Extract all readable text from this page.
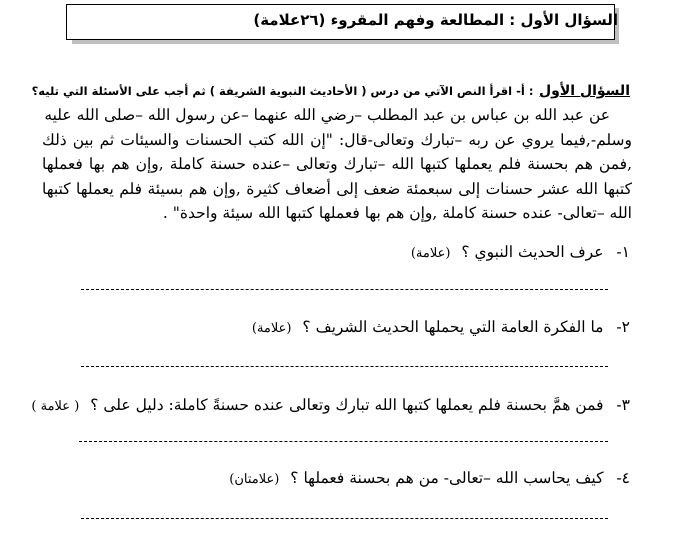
السؤال الأول : المطالعة وفهم المقروء (٢٦علامة)
السؤال الأول : أ- اقرأ النص الآتي من درس ( الأحاديث النبوية الشريفة ) ثم أجب على الأسئلة التي تليه؟
عن عبد الله بن عباس بن عبد المطلب –رضي الله عنهما –عن رسول الله –صلى الله عليه
وسلم-,فيما يروي عن ربه –تبارك وتعالى-قال: "إن الله كتب الحسنات والسيئات ثم بين ذلك ,فمن هم بحسنة فلم يعملها كتبها الله –تبارك وتعالى –عنده حسنة كاملة ,وإن هم بها فعملها كتبها الله عشر حسنات إلى سبعمئة ضعف إلى أضعاف كثيرة ,وإن هم بسيئة فلم يعملها كتبها الله –تعالى- عنده حسنة كاملة ,وإن هم بها فعملها كتبها الله سيئة واحدة" .
١- عرف الحديث النبوي ؟ (علامة)
٢- ما الفكرة العامة التي يحملها الحديث الشريف ؟ (علامة)
٣- فمن همَّ بحسنة فلم يعملها كتبها الله تبارك وتعالى عنده حسنةً كاملة: دليل على ؟ ( علامة )
٤- كيف يحاسب الله –تعالى- من هم بحسنة فعملها ؟ (علامتان)
